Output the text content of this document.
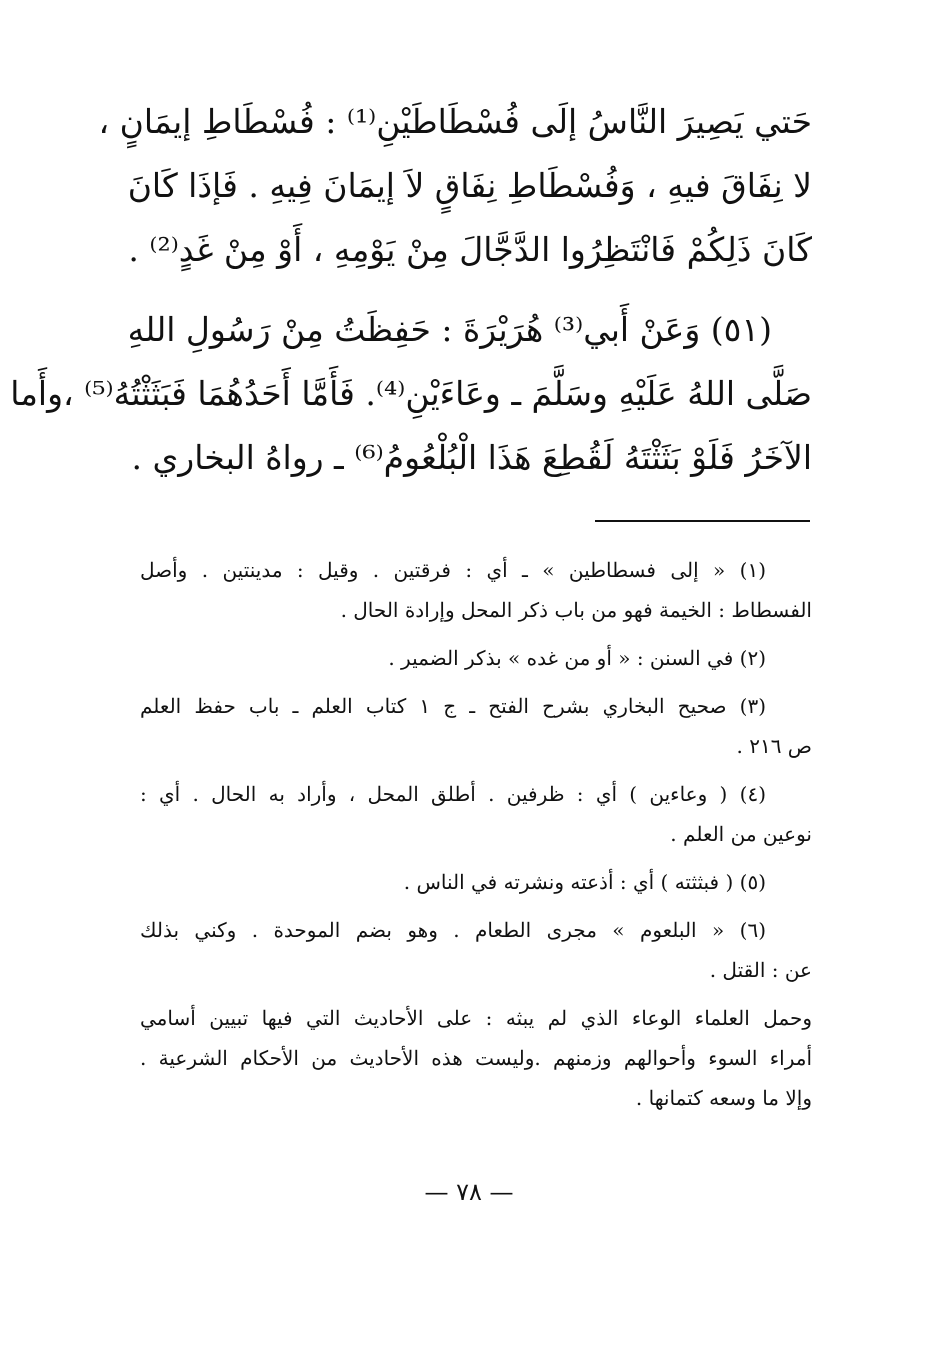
حَتي يَصِيرَ النَّاسُ إلَى فُسْطَاطَيْنِ⁽¹⁾ : فُسْطَاطِ إيمَانٍ ،
لا نِفَاقَ فيهِ ، وَفُسْطَاطِ نِفَاقٍ لاَ إيمَانَ فِيهِ . فَإذَا كَانَ
كَانَ ذَلِكُمْ فَانْتَظِرُوا الدَّجَّالَ مِنْ يَوْمِهِ ، أَوْ مِنْ غَدٍ⁽²⁾ .
(٥١) وَعَنْ أَبي⁽³⁾ هُرَيْرَةَ : حَفِظَتُ مِنْ رَسُولِ اللهِ
صَلَّى اللهُ عَلَيْهِ وسَلَّمَ ـ وعَاءَيْنِ⁽⁴⁾. فَأَمَّا أَحَدُهُمَا فَبَثَثْتُهُ⁽⁵⁾ ،وأَما
الآخَرُ فَلَوْ بَثَثْتَهُ لَقُطِعَ هَذَا الْبُلْعُومُ⁽⁶⁾ ـ رواهُ البخاري .
(١) « إلى فسطاطين » ـ أي : فرقتين . وقيل : مدينتين . وأصل
الفسطاط : الخيمة فهو من باب ذكر المحل وإرادة الحال .
(٢) في السنن : « أو من غده » بذكر الضمير .
(٣) صحيح البخاري بشرح الفتح ـ ج ١ كتاب العلم ـ باب حفظ العلم
ص ٢١٦ .
(٤) ( وعاءين ) أي : ظرفين . أطلق المحل ، وأراد به الحال . أي :
نوعين من العلم .
(٥) ( فبثثته ) أي : أذعته ونشرته في الناس .
(٦) « البلعوم » مجرى الطعام . وهو بضم الموحدة . وكني بذلك
عن : القتل .
وحمل العلماء الوعاء الذي لم يبثه : على الأحاديث التي فيها تبيين أسامي
أمراء السوء وأحوالهم وزمنهم .وليست هذه الأحاديث من الأحكام الشرعية .
وإلا ما وسعه كتمانها .
— ٧٨ —
